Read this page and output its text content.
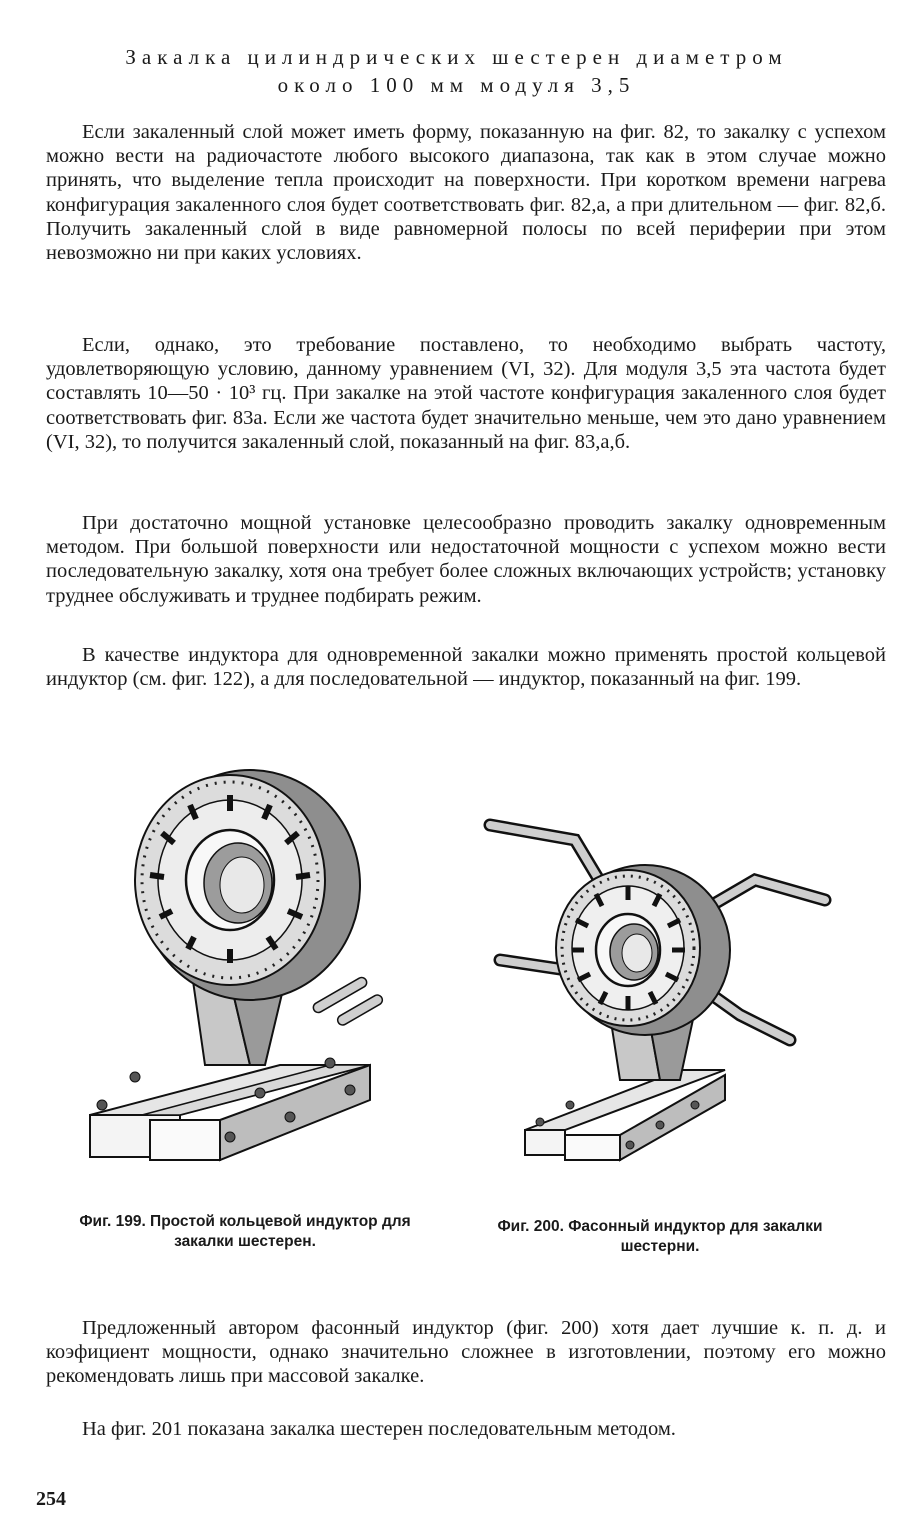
Закалка цилиндрических шестерен диаметром
около 100 мм модуля 3,5

Если закаленный слой может иметь форму, показанную на фиг. 82, то закалку с успехом можно вести на радиочастоте любого высокого диапазона, так как в этом случае можно принять, что выделение тепла происходит на поверхности. При коротком времени нагрева конфигурация закаленного слоя будет соответствовать фиг. 82,а, а при длительном — фиг. 82,б. Получить закаленный слой в виде равномерной полосы по всей периферии при этом невозможно ни при каких условиях.

Если, однако, это требование поставлено, то необходимо выбрать частоту, удовлетворяющую условию, данному уравнением (VI, 32). Для модуля 3,5 эта частота будет составлять 10—50 · 10³ гц. При закалке на этой частоте конфигурация закаленного слоя будет соответствовать фиг. 83а. Если же частота будет значительно меньше, чем это дано уравнением (VI, 32), то получится закаленный слой, показанный на фиг. 83,а,б.

При достаточно мощной установке целесообразно проводить закалку одновременным методом. При большой поверхности или недостаточной мощности с успехом можно вести последовательную закалку, хотя она требует более сложных включающих устройств; установку труднее обслуживать и труднее подбирать режим.

В качестве индуктора для одновременной закалки можно применять простой кольцевой индуктор (см. фиг. 122), а для последовательной — индуктор, показанный на фиг. 199.

Фиг. 199. Простой кольцевой индуктор для закалки шестерен.
Фиг. 200. Фасонный индуктор для закалки шестерни.

Предложенный автором фасонный индуктор (фиг. 200) хотя дает лучшие к. п. д. и коэфициент мощности, однако значительно сложнее в изготовлении, поэтому его можно рекомендовать лишь при массовой закалке.

На фиг. 201 показана закалка шестерен последовательным методом.

254
